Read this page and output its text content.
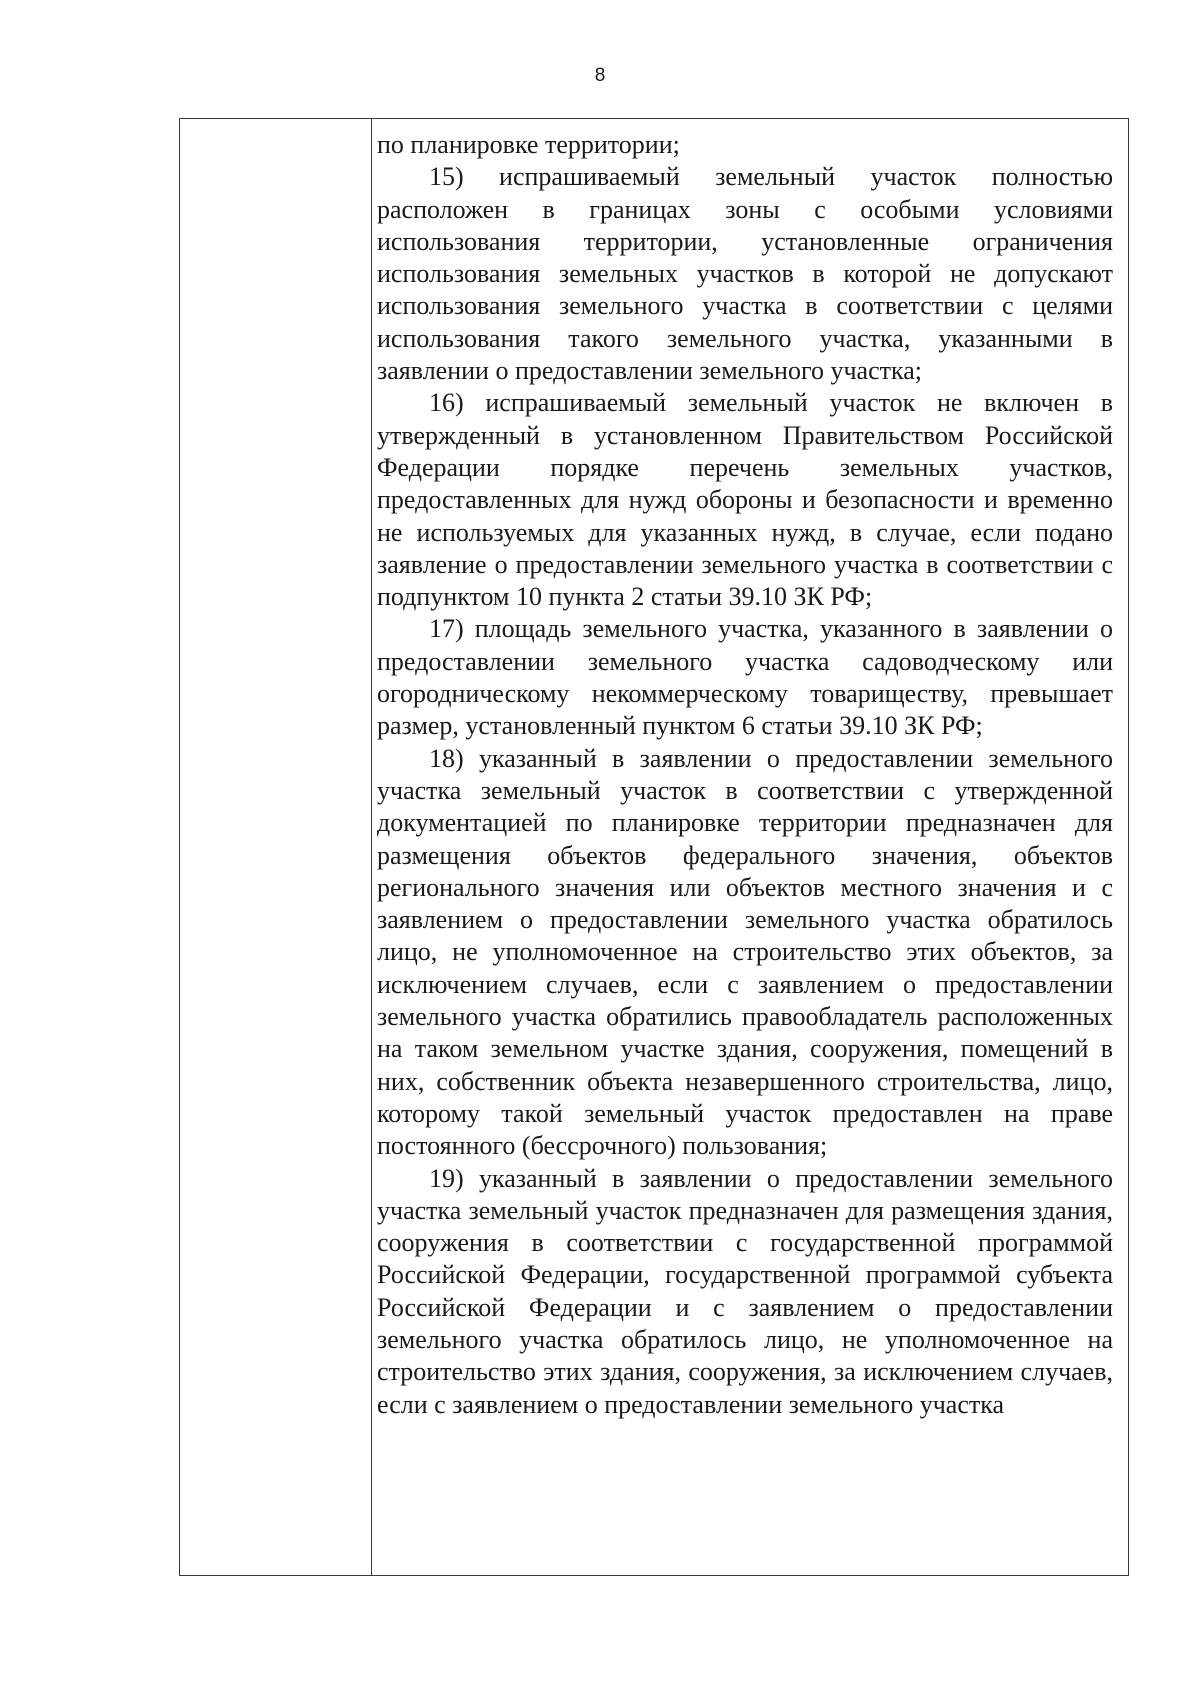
8

по планировке территории;

15) испрашиваемый земельный участок полностью расположен в границах зоны с особыми условиями использования территории, установленные ограничения использования земельных участков в которой не допускают использования земельного участка в соответствии с целями использования такого земельного участка, указанными в заявлении о предоставлении земельного участка;

16) испрашиваемый земельный участок не включен в утвержденный в установленном Правительством Российской Федерации порядке перечень земельных участков, предоставленных для нужд обороны и безопасности и временно не используемых для указанных нужд, в случае, если подано заявление о предоставлении земельного участка в соответствии с подпунктом 10 пункта 2 статьи 39.10 ЗК РФ;

17) площадь земельного участка, указанного в заявлении о предоставлении земельного участка садоводческому или огородническому некоммерческому товариществу, превышает размер, установленный пунктом 6 статьи 39.10 ЗК РФ;

18) указанный в заявлении о предоставлении земельного участка земельный участок в соответствии с утвержденной документацией по планировке территории предназначен для размещения объектов федерального значения, объектов регионального значения или объектов местного значения и с заявлением о предоставлении земельного участка обратилось лицо, не уполномоченное на строительство этих объектов, за исключением случаев, если с заявлением о предоставлении земельного участка обратились правообладатель расположенных на таком земельном участке здания, сооружения, помещений в них, собственник объекта незавершенного строительства, лицо, которому такой земельный участок предоставлен на праве постоянного (бессрочного) пользования;

19) указанный в заявлении о предоставлении земельного участка земельный участок предназначен для размещения здания, сооружения в соответствии с государственной программой Российской Федерации, государственной программой субъекта Российской Федерации и с заявлением о предоставлении земельного участка обратилось лицо, не уполномоченное на строительство этих здания, сооружения, за исключением случаев, если с заявлением о предоставлении земельного участка
